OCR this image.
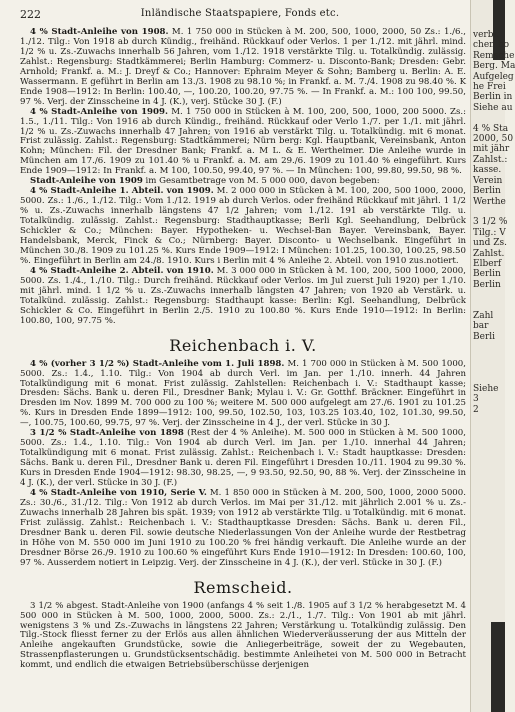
222	Inländische Staatspapiere, Fonds etc.

4 % Stadt-Anleihe von 1908. M. 1 750 000 in Stücken à M. 200, 500, 1000, 2000, 50 Zs.: 1./6., 1./12. Tilg.: Von 1918 ab durch Kündig., freihänd. Rückkauf oder Verlos. 1 per 1./12. mit jährl. mind. 1/2 % u. Zs.-Zuwachs innerhalb 56 Jahren, vom 1./12. 1918 verstärkte Tilg. u. Totalkündig. zulässig. Zahlst.: Regensburg: Stadtkämmerei; Berlin Hamburg: Commerz- u. Disconto-Bank; Dresden: Gebr. Arnhold; Frankf. a. M.: J. Dreyf & Co.; Hannover: Ephraim Meyer & Sohn; Bamberg u. Berlin: A. E. Wassermann. E geführt in Berlin am 13./3. 1908 zu 98.10 %; in Frankf. a. M. 7./4. 1908 zu 98.40 %. K Ende 1908—1912: In Berlin: 100.40, —, 100.20, 100.20, 97.75 %. — In Frankf. a. M.: 100 100, 99.50, 97 %. Verj. der Zinsscheine in 4 J. (K.), verj. Stücke 30 J. (F.)

4 % Stadt-Anleihe von 1909. M. 1 750 000 in Stücken à M. 100, 200, 500, 1000, 200 5000. Zs.: 1.5., 1./11. Tilg.: Von 1916 ab durch Kündig., freihänd. Rückkauf oder Verlo 1./7. per 1./1. mit jährl. 1/2 % u. Zs.-Zuwachs innerhalb 47 Jahren; von 1916 ab verstärkt Tilg. u. Totalkündig. mit 6 monat. Frist zulässig. Zahlst.: Regensburg: Stadtkämmerei; Nürn berg: Kgl. Hauptbank, Vereinsbank, Anton Kohn; München: Fil. der Dresdner Bank; Frankf. a. M L. & E. Wertheimer. Die Anleihe wurde in München am 17./6. 1909 zu 101.40 % u Frankf. a. M. am 29./6. 1909 zu 101.40 % eingeführt. Kurs Ende 1909—1912: In Frankf. a. M 100, 100.50, 99.40, 97 %. — In München: 100, 99.80, 99.50, 98 %.

Stadt-Anleihe von 1909 im Gesamtbetrage von M. 5 000 000, davon begeben:

4 % Stadt-Anleihe 1. Abteil. von 1909. M. 2 000 000 in Stücken à M. 100, 200, 500 1000, 2000, 5000. Zs.: 1./6., 1./12. Tilg.: Vom 1./12. 1919 ab durch Verlos. oder freihänd Rückkauf mit jährl. 1 1/2 % u. Zs.-Zuwachs innerhalb längstens 47 1/2 Jahren; vom 1./12. 191 ab verstärkte Tilg. u. Totalkündig. zulässig. Zahlst.: Regensburg: Stadthauptkasse; Berli Kgl. Seehandlung, Delbrück Schickler & Co.; München: Bayer. Hypotheken- u. Wechsel-Ban Bayer. Vereinsbank, Bayer. Handelsbank, Merck, Finck & Co.; Nürnberg: Bayer. Disconto- u Wechselbank. Eingeführt in München 30./8. 1909 zu 101.25 %. Kurs Ende 1909—1912: I München: 101.25, 100.30, 100.25, 98.50 %. Eingeführt in Berlin am 24./8. 1910. Kurs i Berlin mit 4 % Anleihe 2. Abteil. von 1910 zus.notiert.

4 % Stadt-Anleihe 2. Abteil. von 1910. M. 3 000 000 in Stücken à M. 100, 200, 500 1000, 2000, 5000. Zs. 1./4., 1./10. Tilg.: Durch freihänd. Rückkauf oder Verlos. im Jul zuerst Juli 1920) per 1./10. mit jährl. mind. 1 1/2 % u. Zs.-Zuwachs innerhalb längsten 47 Jahren; von 1920 ab Verstärk. u. Totalkünd. zulässig. Zahlst.: Regensburg: Stadthaupt kasse: Berlin: Kgl. Seehandlung, Delbrück Schickler & Co. Eingeführt in Berlin 2./5. 1910 zu 100.80 %. Kurs Ende 1910—1912: In Berlin: 100.80, 100, 97.75 %.

Reichenbach i. V.

4 % (vorher 3 1/2 %) Stadt-Anleihe vom 1. Juli 1898. M. 1 700 000 in Stücken à M. 500 1000, 5000. Zs.: 1.4., 1.10. Tilg.: Von 1904 ab durch Verl. im Jan. per 1./10. innerh. 44 Jahren Totalkündigung mit 6 monat. Frist zulässig. Zahlstellen: Reichenbach i. V.: Stadthaupt kasse; Dresden: Sächs. Bank u. deren Fil., Dresdner Bank; Mylau i. V.: Gr. Gotthf. Bräckner. Eingeführt in Dresden im Nov. 1899 M. 700 000 zu 100 %; weitere M. 500 000 aufgelegt am 27./6. 1901 zu 101.25 %. Kurs in Dresden Ende 1899—1912: 100, 99.50, 102.50, 103, 103.25 103.40, 102, 101.30, 99.50, —, 100.75, 100.60, 99.75, 97 %. Verj. der Zinsscheine in 4 J., der verl. Stücke in 30 J.

3 1/2 % Stadt-Anleihe von 1898 (Rest der 4 % Anleihe). M. 500 000 in Stücken à M. 500 1000, 5000. Zs.: 1.4., 1.10. Tilg.: Von 1904 ab durch Verl. im Jan. per 1./10. innerhal 44 Jahren; Totalkündigung mit 6 monat. Frist zulässig. Zahlst.: Reichenbach i. V.: Stadt hauptkasse: Dresden: Sächs. Bank u. deren Fil., Dresdner Bank u. deren Fil. Eingeführt i Dresden 10./11. 1904 zu 99.30 %. Kurs in Dresden Ende 1904—1912: 98.30, 98.25, —, 9 93.50, 92.50, 90, 88 %. Verj. der Zinsscheine in 4 J. (K.), der verl. Stücke in 30 J. (F.)

4 % Stadt-Anleihe von 1910, Serie V. M. 1 850 000 in Stücken à M. 200, 500, 1000, 2000 5000. Zs.: 30./6., 31./12. Tilg.: Von 1912 ab durch Verlos. im Mai per 31./12. mit jährlich 2.001 % u. Zs.-Zuwachs innerhalb 28 Jahren bis spät. 1939; von 1912 ab verstärkte Tilg. u Totalkündig. mit 6 monat. Frist zulässig. Zahlst.: Reichenbach i. V.: Stadthauptkasse Dresden: Sächs. Bank u. deren Fil., Dresdner Bank u. deren Fil. sowie deutsche Niederlassungen Von der Anleihe wurde der Restbetrag in Höhe von M. 550 000 im Juni 1910 zu 100.20 % frei händig verkauft. Die Anleihe wurde an der Dresdner Börse 26./9. 1910 zu 100.60 % eingeführt Kurs Ende 1910—1912: In Dresden: 100.60, 100, 97 %. Ausserdem notiert in Leipzig. Verj. der Zinsscheine in 4 J. (K.), der verl. Stücke in 30 J. (F.)

Remscheid.

3 1/2 % abgest. Stadt-Anleihe von 1900 (anfangs 4 % seit 1./8. 1905 auf 3 1/2 % herabgesetzt M. 4 500 000 in Stücken à M. 500, 1000, 2000, 5000. Zs.: 2./1., 1./7. Tilg.: Von 1901 ab mit jährl. wenigstens 3 % und Zs.-Zuwachs in längstens 22 Jahren; Verstärkung u. Totalkündig zulässig. Den Tilg.-Stock fliesst ferner zu der Erlös aus allen ähnlichen Wiederveräusserung der aus Mitteln der Anleihe angekauften Grundstücke, sowie die Anliegerbeiträge, soweit der zu Wegebauten, Strassenpflasterungen u. Grundstücksentschädig. bestimmte Anleihetei von M. 500 000 in Betracht kommt, und endlich die etwaigen Betriebsüberschüsse derjenigen

verbl.
chen bo
Remsche
Berg. Ma
Aufgeleg
he Frei
Berlin in
Siehe au

4 % Sta
2000, 50
mit jähr
Zahlst.:
kasse.
Verein
Berlin
Werthe

3 1/2 %
Tilg.: V
und Zs.
Zahlst.
Elberf
Berlin
Berlin

Zahl
bar
Berli

Siehe
3
2
